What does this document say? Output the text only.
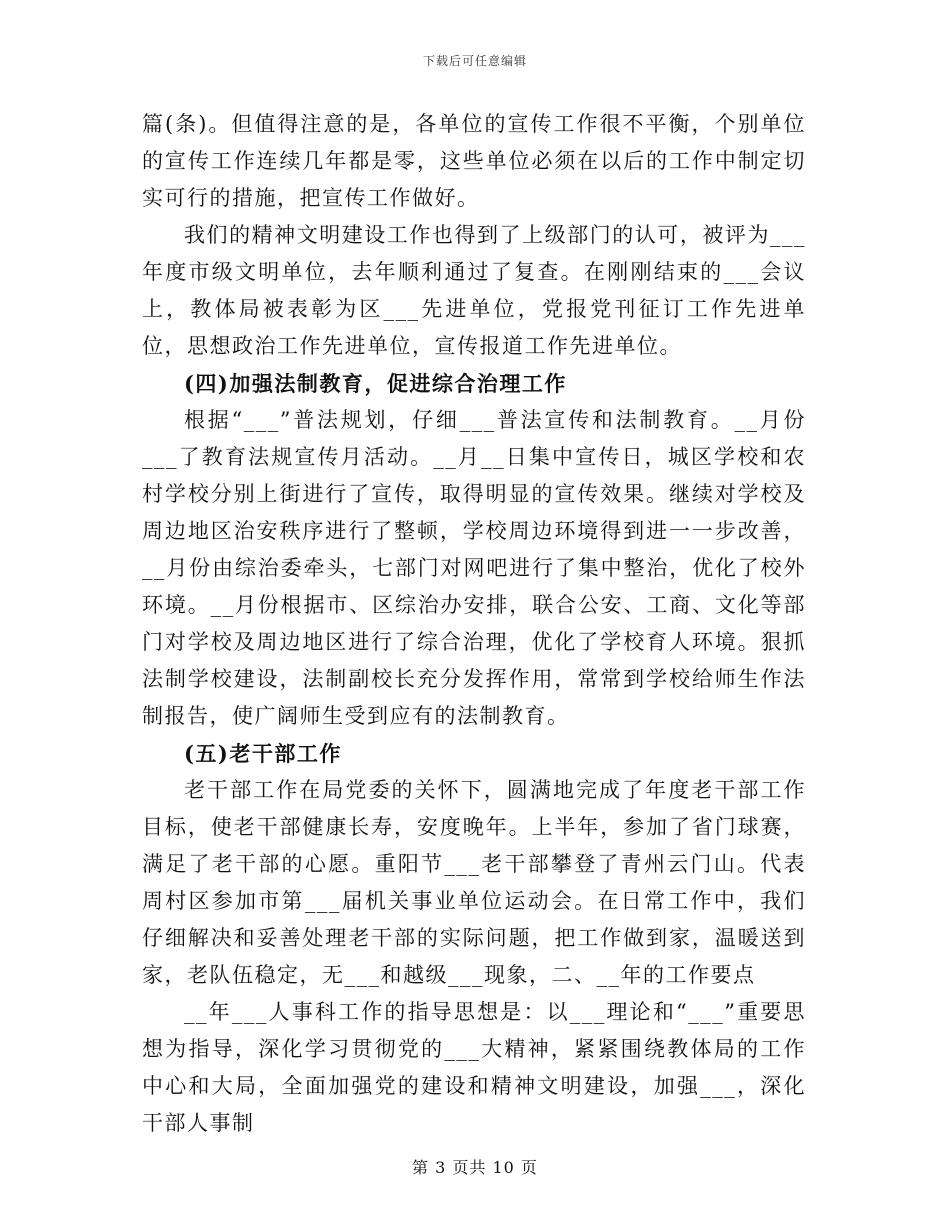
下载后可任意编辑

篇(条)。但值得注意的是，各单位的宣传工作很不平衡，个别单位的宣传工作连续几年都是零，这些单位必须在以后的工作中制定切实可行的措施，把宣传工作做好。

我们的精神文明建设工作也得到了上级部门的认可，被评为___年度市级文明单位，去年顺利通过了复查。在刚刚结束的___会议上，教体局被表彰为区___先进单位，党报党刊征订工作先进单位，思想政治工作先进单位，宣传报道工作先进单位。

(四)加强法制教育，促进综合治理工作

根据“___”普法规划，仔细___普法宣传和法制教育。__月份___了教育法规宣传月活动。__月__日集中宣传日，城区学校和农村学校分别上街进行了宣传，取得明显的宣传效果。继续对学校及周边地区治安秩序进行了整顿，学校周边环境得到进一一步改善，__月份由综治委牵头，七部门对网吧进行了集中整治，优化了校外环境。__月份根据市、区综治办安排，联合公安、工商、文化等部门对学校及周边地区进行了综合治理，优化了学校育人环境。狠抓法制学校建设，法制副校长充分发挥作用，常常到学校给师生作法制报告，使广阔师生受到应有的法制教育。

(五)老干部工作

老干部工作在局党委的关怀下，圆满地完成了年度老干部工作目标，使老干部健康长寿，安度晚年。上半年，参加了省门球赛，满足了老干部的心愿。重阳节___老干部攀登了青州云门山。代表周村区参加市第___届机关事业单位运动会。在日常工作中，我们仔细解决和妥善处理老干部的实际问题，把工作做到家，温暖送到家，老队伍稳定，无___和越级___现象，二、__年的工作要点

__年___人事科工作的指导思想是：以___理论和“___”重要思想为指导，深化学习贯彻党的___大精神，紧紧围绕教体局的工作中心和大局，全面加强党的建设和精神文明建设，加强___，深化干部人事制

第 3 页共 10 页
